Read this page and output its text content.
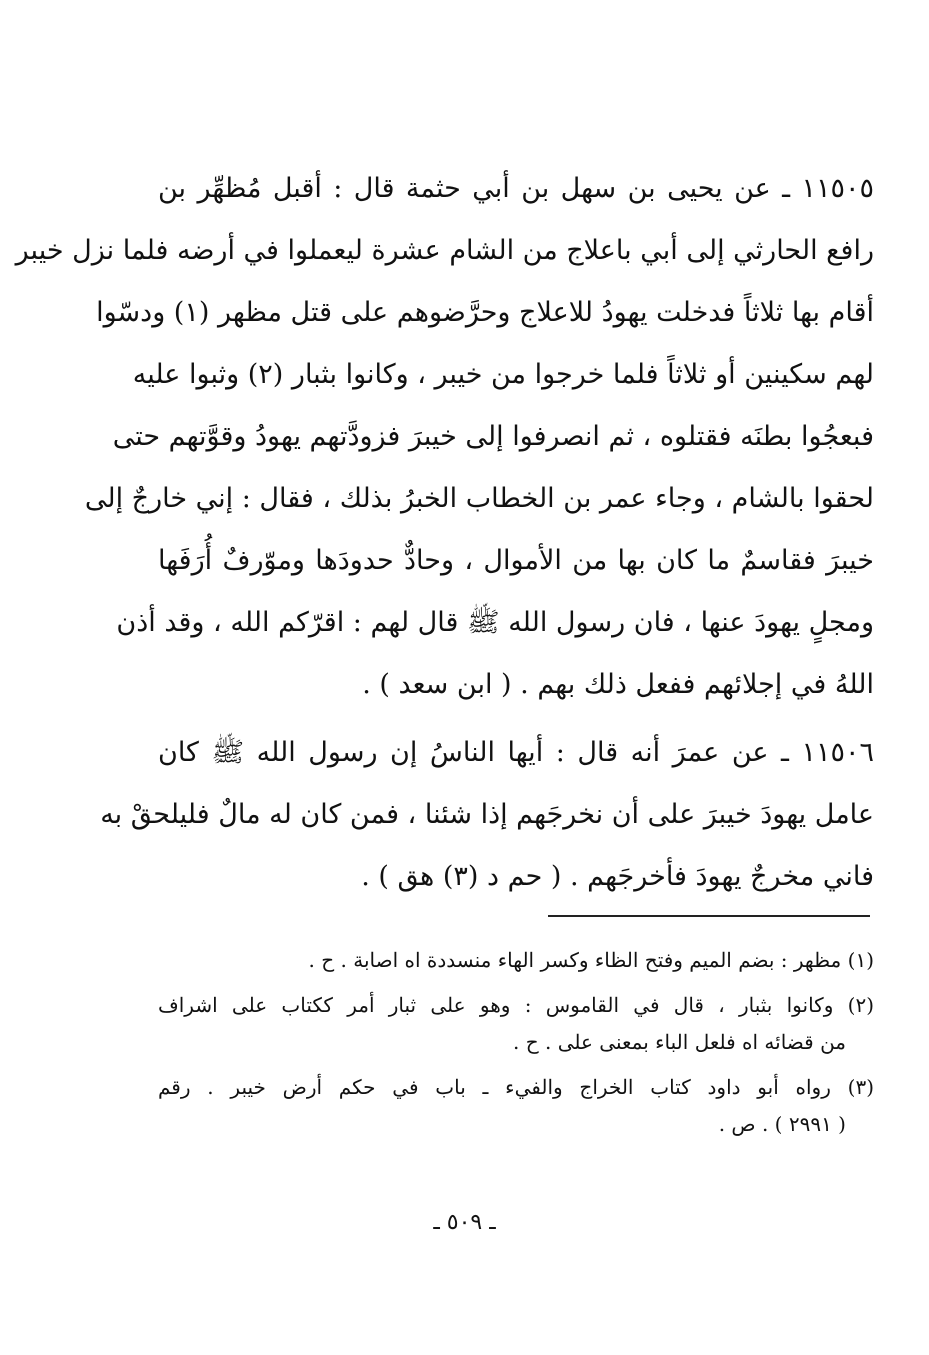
١١٥٠٥ ـ عن يحيى بن سهل بن أبي حثمة قال : أقبل مُظهِّر بن
رافع الحارثي إلى أبي باعلاج من الشام عشرة ليعملوا في أرضه فلما نزل خيبر
أقام بها ثلاثاً فدخلت يهودُ للاعلاج وحرَّضوهم على قتل مظهر (١) ودسّوا
لهم سكينين أو ثلاثاً فلما خرجوا من خيبر ، وكانوا بثبار (٢) وثبوا عليه
فبعجُوا بطنَه فقتلوه ، ثم انصرفوا إلى خيبرَ فزودَّتهم يهودُ وقوَّتهم حتى
لحقوا بالشام ، وجاء عمر بن الخطاب الخبرُ بذلك ، فقال : إني خارجٌ إلى
خيبرَ فقاسمٌ ما كان بها من الأموال ، وحادٌّ حدودَها وموّرفٌ أُرَفَها
ومجلٍ يهودَ عنها ، فان رسول الله ﷺ قال لهم : اقرّكم الله ، وقد أذن
اللهُ في إجلائهم ففعل ذلك بهم . ( ابن سعد ) .
١١٥٠٦ ـ عن عمرَ أنه قال : أيها الناسُ إن رسول الله ﷺ كان
عامل يهودَ خيبرَ على أن نخرجَهم إذا شئنا ، فمن كان له مالٌ فليلحقْ به
فاني مخرجٌ يهودَ فأخرجَهم . ( حم د (٣) هق ) .
(١) مظهر : بضم الميم وفتح الظاء وكسر الهاء منسددة اه اصابة . ح .
(٢) وكانوا بثبار ، قال في القاموس : وهو على ثبار أمر ككتاب على اشراف
من قضائه اه فلعل الباء بمعنى على . ح .
(٣) رواه أبو داود كتاب الخراج والفيء ـ باب في حكم أرض خيبر . رقم
( ٢٩٩١ ) . ص .
ـ ٥٠٩ ـ
